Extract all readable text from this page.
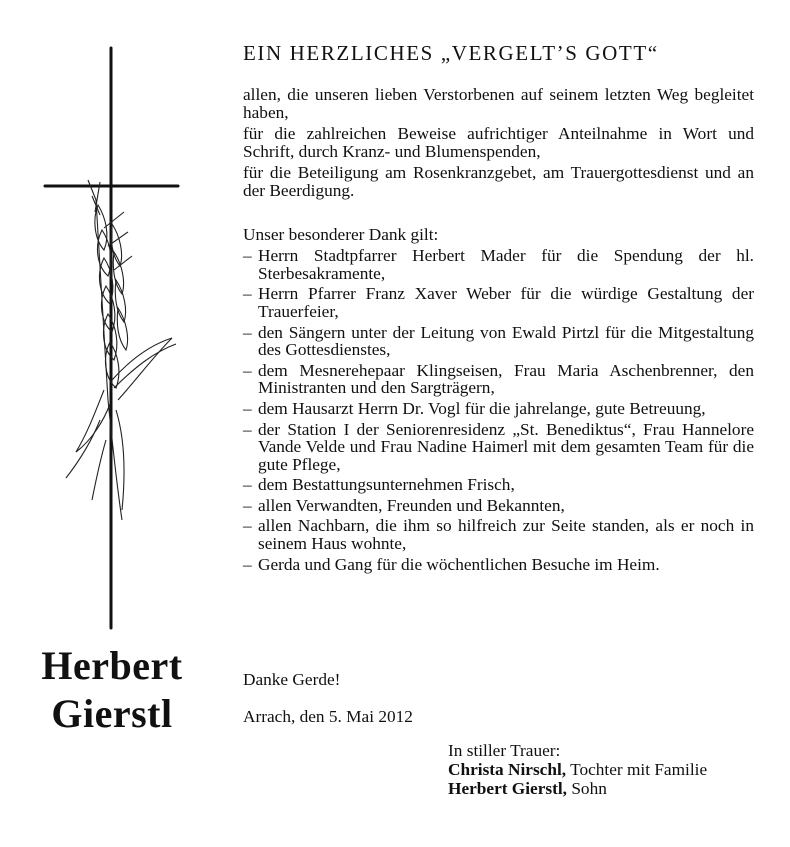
Herbert
Gierstl
EIN HERZLICHES „VERGELT’S GOTT“

allen, die unseren lieben Verstorbenen auf seinem letzten Weg begleitet haben,

für die zahlreichen Beweise aufrichtiger Anteilnahme in Wort und Schrift, durch Kranz- und Blumenspenden,

für die Beteiligung am Rosenkranzgebet, am Trauergottesdienst und an der Beerdigung.

Unser besonderer Dank gilt:
– Herrn Stadtpfarrer Herbert Mader für die Spendung der hl. Sterbesakramente,
– Herrn Pfarrer Franz Xaver Weber für die würdige Gestaltung der Trauerfeier,
– den Sängern unter der Leitung von Ewald Pirtzl für die Mitgestaltung des Gottesdienstes,
– dem Mesnerehepaar Klingseisen, Frau Maria Aschenbrenner, den Ministranten und den Sargträgern,
– dem Hausarzt Herrn Dr. Vogl für die jahrelange, gute Betreuung,
– der Station I der Seniorenresidenz „St. Benediktus“, Frau Hannelore Vande Velde und Frau Nadine Haimerl mit dem gesamten Team für die gute Pflege,
– dem Bestattungsunternehmen Frisch,
– allen Verwandten, Freunden und Bekannten,
– allen Nachbarn, die ihm so hilfreich zur Seite standen, als er noch in seinem Haus wohnte,
– Gerda und Gang für die wöchentlichen Besuche im Heim.
Danke Gerde!
Arrach, den 5. Mai 2012
In stiller Trauer:
Christa Nirschl, Tochter mit Familie
Herbert Gierstl, Sohn
